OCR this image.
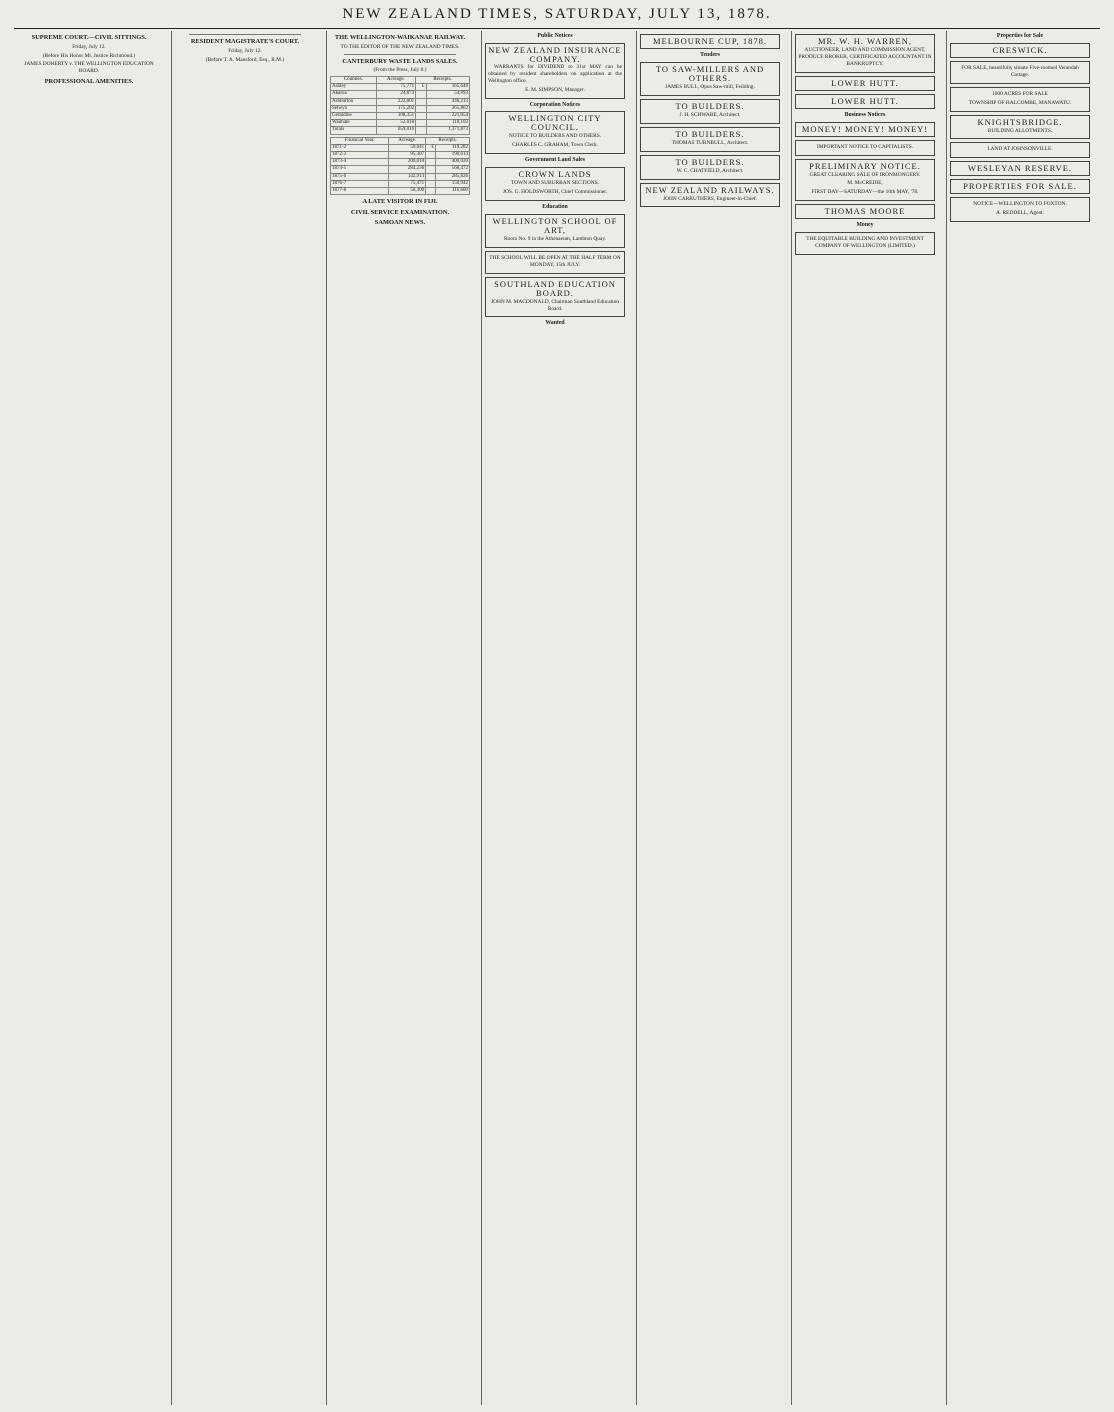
NEW ZEALAND TIMES, SATURDAY, JULY 13, 1878.
SUPREME COURT.—CIVIL SITTINGS.
Friday, July 12.
(Before His Honor Mr. Justice Richmond.)
JAMES DOHERTY v. THE WELLINGTON EDUCATION BOARD.
PROFESSIONAL AMENITIES.
RESIDENT MAGISTRATE'S COURT.
Friday, July 12.
(Before T. A. Mansford, Esq., R.M.)
THE WELLINGTON-WAIKANAE RAILWAY.
TO THE EDITOR OF THE NEW ZEALAND TIMES.
CANTERBURY WASTE LANDS SALES.
(From the Press, July 8.)
Counties.	Acreage.	Receipts.	
Ashley	75,771	£	165,648
Akaroa	24,873		54,993
Ashburton	222,801		446,213
Selwyn	175,202		365,862
Geraldine	108,351		221,054
Waimate	52,018		118,103
Totals	659,016		1,371,873
Financial Year.	Acreage.	Receipts.	
1871-2	59,641	£	119,282
1872-3	95,307		190,614
1873-4	200,010		400,020
1874-5	284,236		568,472
1875-6	142,913		285,826
1876-7	75,471		150,942
1877-8	58,300		116,600
A LATE VISITOR IN FIJI.
CIVIL SERVICE EXAMINATION.
SAMOAN NEWS.
Public Notices
NEW ZEALAND INSURANCE COMPANY.

WARRANTS for DIVIDEND to 31st MAY can be obtained by resident shareholders on application at the Wellington office.

E. M. SIMPSON, Manager.
Corporation Notices
WELLINGTON CITY COUNCIL.
NOTICE TO BUILDERS AND OTHERS.
CHARLES C. GRAHAM, Town Clerk.
Government Land Sales
CROWN LANDS
TOWN AND SUBURBAN SECTIONS.
JOS. G. HOLDSWORTH, Chief Commissioner.
Education
WELLINGTON SCHOOL OF ART,
Room No. 9 in the Athenaeum, Lambton Quay.
THE SCHOOL WILL BE OPEN AT THE HALF TERM ON MONDAY, 15th JULY.
SOUTHLAND EDUCATION BOARD.
JOHN M. MACDONALD, Chairman Southland Education Board.
Wanted
MELBOURNE CUP, 1878.
Tenders
TO SAW-MILLERS AND OTHERS.
JAMES BULL, Opus Saw-mill, Feilding.
TO BUILDERS.
J. H. SCHWABE, Architect.
TO BUILDERS.
THOMAS TURNBULL, Architect.
TO BUILDERS.
W. C. CHATFIELD, Architect.
NEW ZEALAND RAILWAYS.
JOHN CARRUTHERS, Engineer-in-Chief.
MR. W. H. WARREN,
AUCTIONEER, LAND AND COMMISSION AGENT, PRODUCE BROKER, CERTIFICATED ACCOUNTANT IN BANKRUPTCY.
LOWER HUTT.
LOWER HUTT.
Business Notices
MONEY! MONEY! MONEY!
IMPORTANT NOTICE TO CAPITALISTS.
PRELIMINARY NOTICE.
GREAT CLEARING SALE OF IRONMONGERY.
M. McCREDIE,
FIRST DAY—SATURDAY—the 10th MAY, '78.
THOMAS MOORE
Money
THE EQUITABLE BUILDING AND INVESTMENT COMPANY OF WELLINGTON (LIMITED.)
Properties for Sale
CRESWICK.
FOR SALE, beautifully situate Five-roomed Verandah Cottage.
1000 ACRES FOR SALE
TOWNSHIP OF HALCOMBE, MANAWATU.
KNIGHTSBRIDGE.
BUILDING ALLOTMENTS.
LAND AT JOHNSONVILLE.
WESLEYAN RESERVE.
PROPERTIES FOR SALE.
NOTICE—WELLINGTON TO FOXTON.
A. REDDELL, Agent.
